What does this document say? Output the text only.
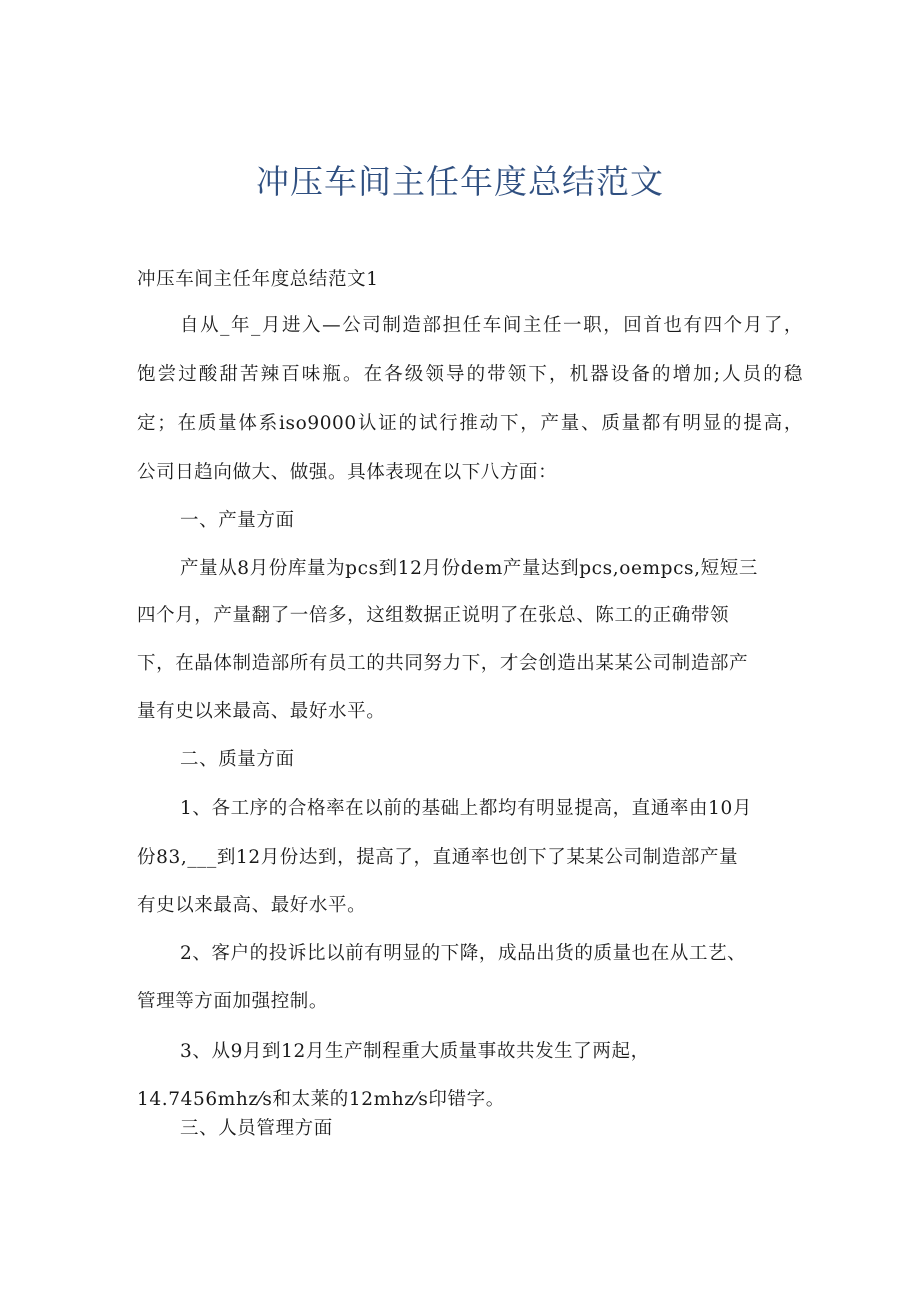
冲压车间主任年度总结范文
冲压车间主任年度总结范文1
自从_年_月进入—公司制造部担任车间主任一职，回首也有四个月了，
饱尝过酸甜苦辣百味瓶。在各级领导的带领下，机器设备的增加;人员的稳
定；在质量体系iso9000认证的试行推动下，产量、质量都有明显的提高，
公司日趋向做大、做强。具体表现在以下八方面：
一、产量方面
产量从8月份库量为pcs到12月份dem产量达到pcs,oempcs,短短三
四个月，产量翻了一倍多，这组数据正说明了在张总、陈工的正确带领
下，在晶体制造部所有员工的共同努力下，才会创造出某某公司制造部产
量有史以来最高、最好水平。
二、质量方面
1、各工序的合格率在以前的基础上都均有明显提高，直通率由10月
份83,___到12月份达到，提高了，直通率也创下了某某公司制造部产量
有史以来最高、最好水平。
2、客户的投诉比以前有明显的下降，成品出货的质量也在从工艺、
管理等方面加强控制。
3、从9月到12月生产制程重大质量事故共发生了两起，
14.7456mhz⁄s和太莱的12mhz⁄s印错字。
三、人员管理方面
